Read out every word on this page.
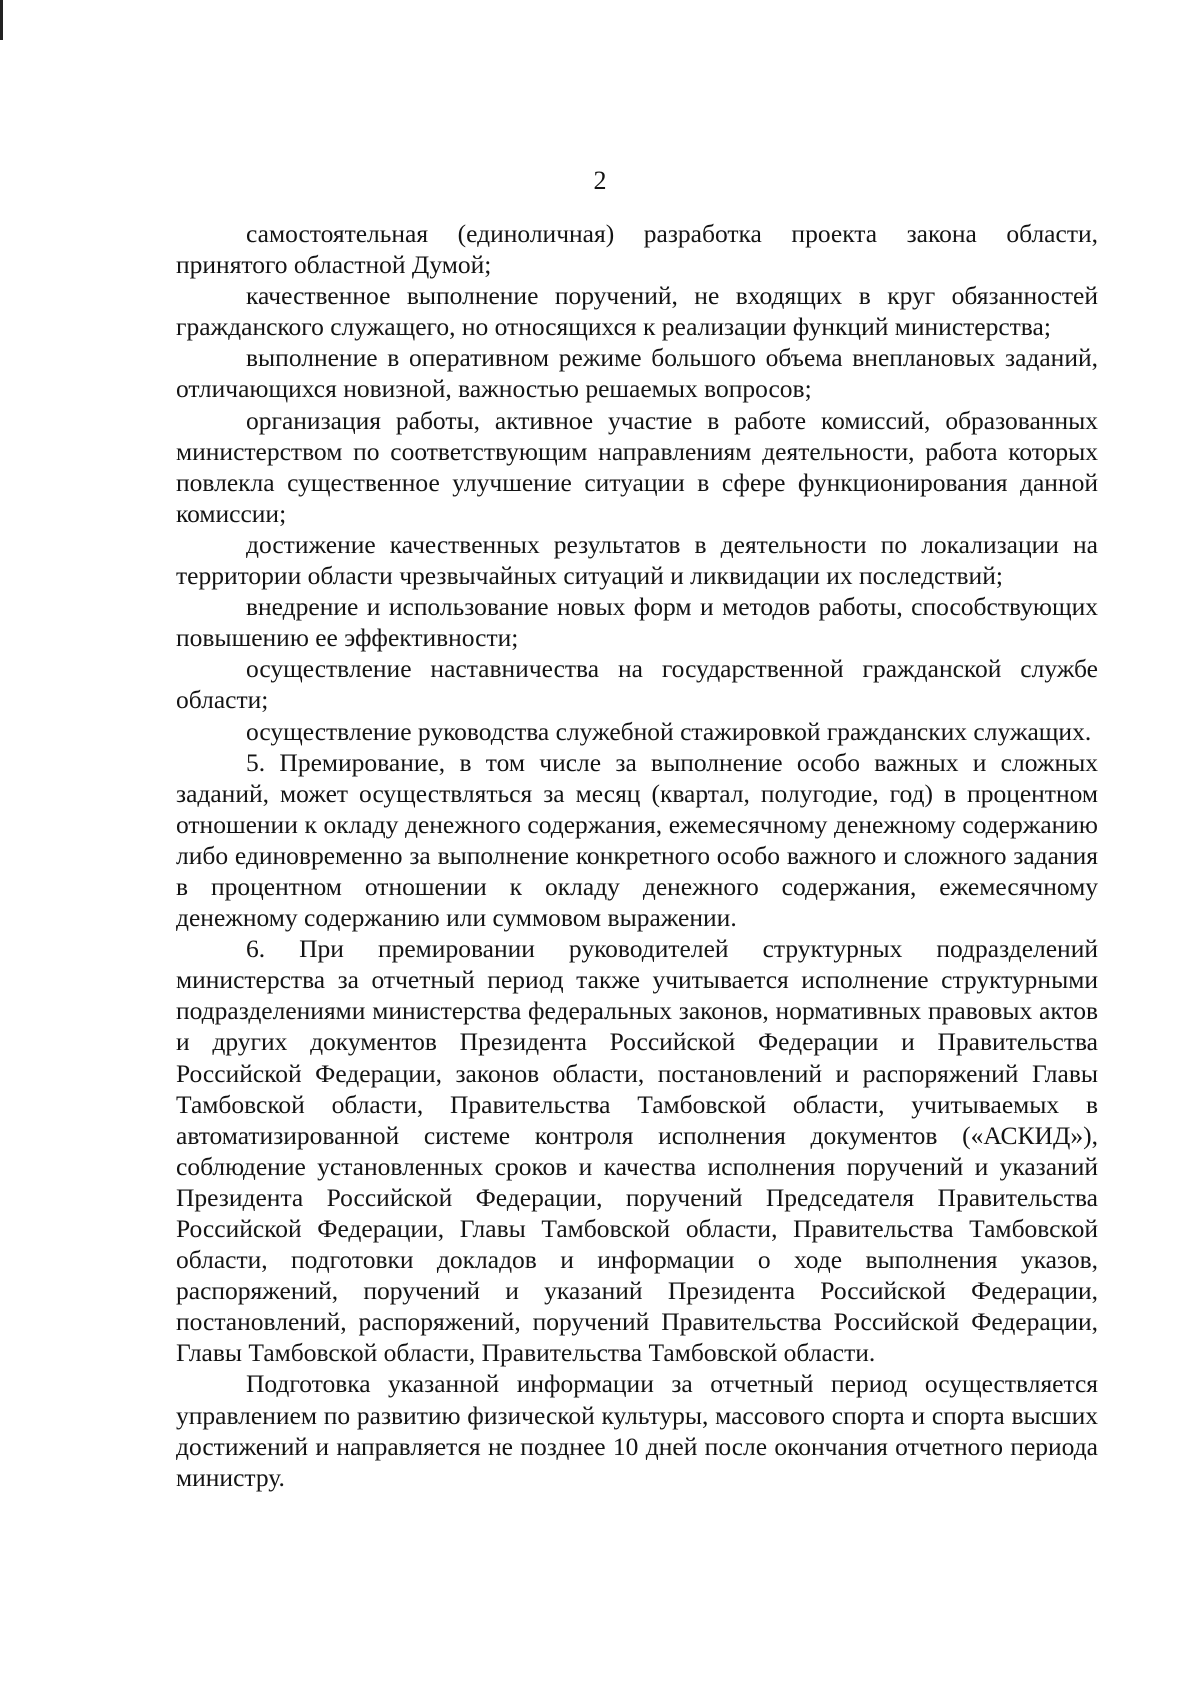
2

самостоятельная (единоличная) разработка проекта закона области, принятого областной Думой;

качественное выполнение поручений, не входящих в круг обязанностей гражданского служащего, но относящихся к реализации функций министерства;

выполнение в оперативном режиме большого объема внеплановых заданий, отличающихся новизной, важностью решаемых вопросов;

организация работы, активное участие в работе комиссий, образованных министерством по соответствующим направлениям деятельности, работа которых повлекла существенное улучшение ситуации в сфере функционирования данной комиссии;

достижение качественных результатов в деятельности по локализации на территории области чрезвычайных ситуаций и ликвидации их последствий;

внедрение и использование новых форм и методов работы, способствующих повышению ее эффективности;

осуществление наставничества на государственной гражданской службе области;

осуществление руководства служебной стажировкой гражданских служащих.

5. Премирование, в том числе за выполнение особо важных и сложных заданий, может осуществляться за месяц (квартал, полугодие, год) в процентном отношении к окладу денежного содержания, ежемесячному денежному содержанию либо единовременно за выполнение конкретного особо важного и сложного задания в процентном отношении к окладу денежного содержания, ежемесячному денежному содержанию или суммовом выражении.

6. При премировании руководителей структурных подразделений министерства за отчетный период также учитывается исполнение структурными подразделениями министерства федеральных законов, нормативных правовых актов и других документов Президента Российской Федерации и Правительства Российской Федерации, законов области, постановлений и распоряжений Главы Тамбовской области, Правительства Тамбовской области, учитываемых в автоматизированной системе контроля исполнения документов («АСКИД»), соблюдение установленных сроков и качества исполнения поручений и указаний Президента Российской Федерации, поручений Председателя Правительства Российской Федерации, Главы Тамбовской области, Правительства Тамбовской области, подготовки докладов и информации о ходе выполнения указов, распоряжений, поручений и указаний Президента Российской Федерации, постановлений, распоряжений, поручений Правительства Российской Федерации, Главы Тамбовской области, Правительства Тамбовской области.

Подготовка указанной информации за отчетный период осуществляется управлением по развитию физической культуры, массового спорта и спорта высших достижений и направляется не позднее 10 дней после окончания отчетного периода министру.
